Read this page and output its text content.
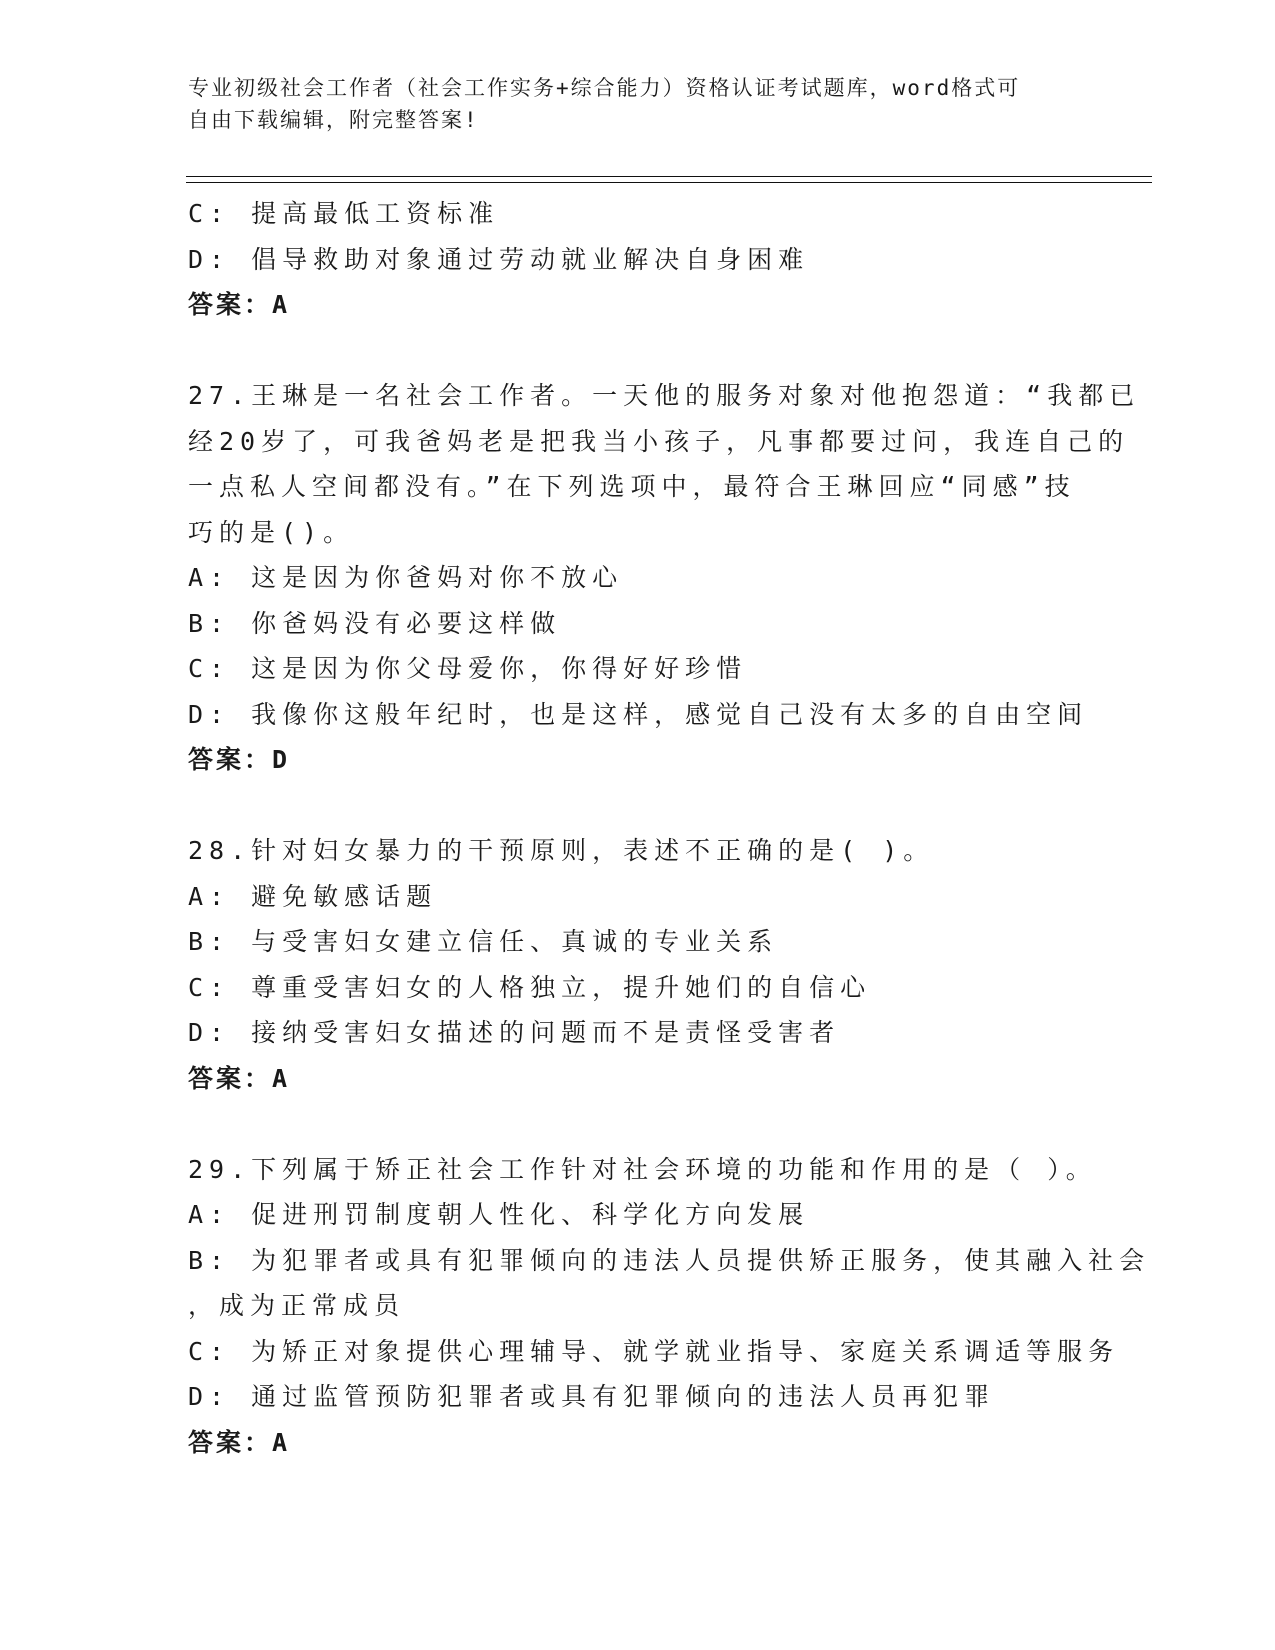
专业初级社会工作者（社会工作实务+综合能力）资格认证考试题库，word格式可
自由下载编辑，附完整答案!
C: 提高最低工资标准
D: 倡导救助对象通过劳动就业解决自身困难
答案：A
27.王琳是一名社会工作者。一天他的服务对象对他抱怨道：“我都已
经20岁了，可我爸妈老是把我当小孩子，凡事都要过问，我连自己的
一点私人空间都没有。”在下列选项中，最符合王琳回应“同感”技
巧的是()。
A: 这是因为你爸妈对你不放心
B: 你爸妈没有必要这样做
C: 这是因为你父母爱你，你得好好珍惜
D: 我像你这般年纪时，也是这样，感觉自己没有太多的自由空间
答案：D
28.针对妇女暴力的干预原则，表述不正确的是( )。
A: 避免敏感话题
B: 与受害妇女建立信任、真诚的专业关系
C: 尊重受害妇女的人格独立，提升她们的自信心
D: 接纳受害妇女描述的问题而不是责怪受害者
答案：A
29.下列属于矫正社会工作针对社会环境的功能和作用的是（ ）。
A: 促进刑罚制度朝人性化、科学化方向发展
B: 为犯罪者或具有犯罪倾向的违法人员提供矫正服务，使其融入社会
，成为正常成员
C: 为矫正对象提供心理辅导、就学就业指导、家庭关系调适等服务
D: 通过监管预防犯罪者或具有犯罪倾向的违法人员再犯罪
答案：A
